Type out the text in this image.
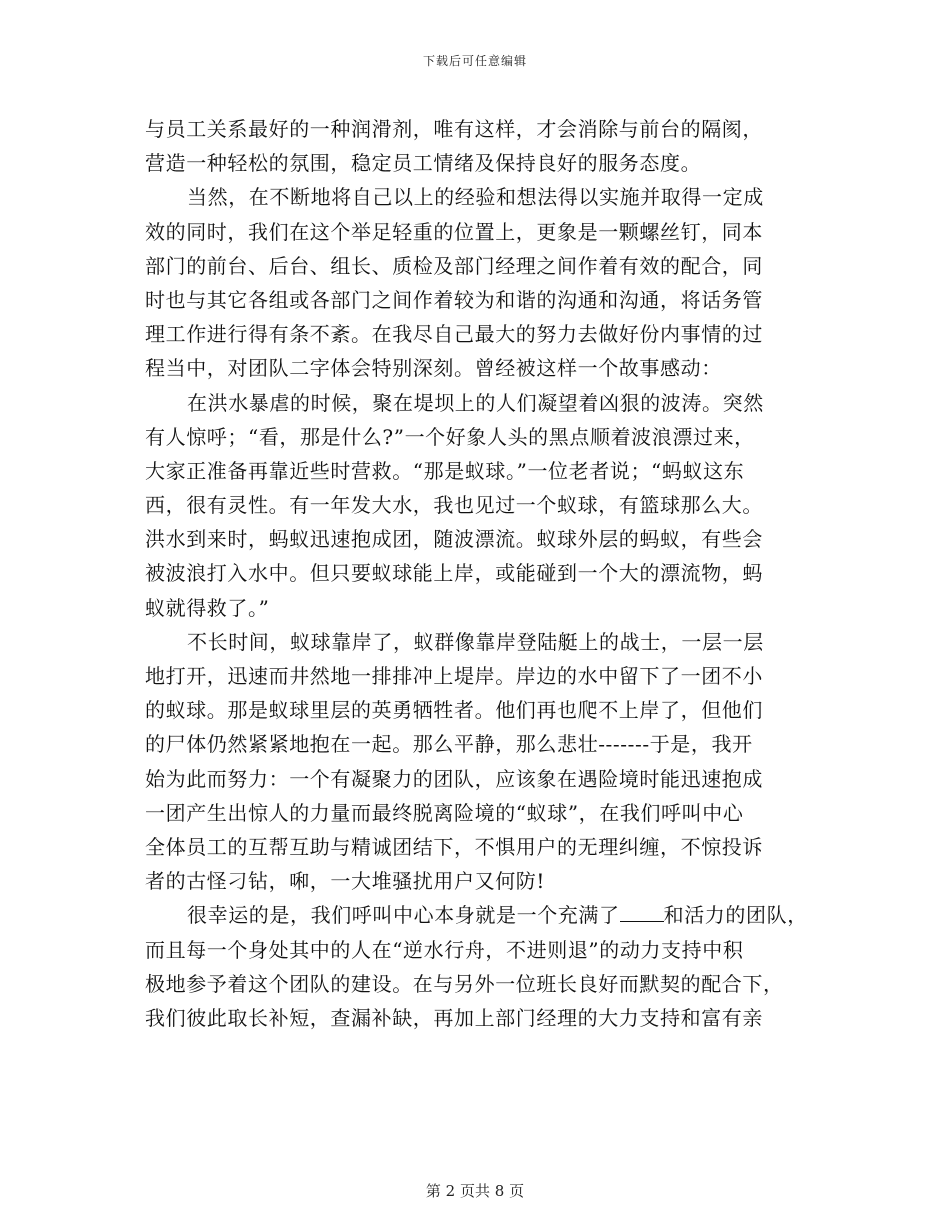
下载后可任意编辑
与员工关系最好的一种润滑剂，唯有这样，才会消除与前台的隔阂，
营造一种轻松的氛围，稳定员工情绪及保持良好的服务态度。
当然，在不断地将自己以上的经验和想法得以实施并取得一定成
效的同时，我们在这个举足轻重的位置上，更象是一颗螺丝钉，同本
部门的前台、后台、组长、质检及部门经理之间作着有效的配合，同
时也与其它各组或各部门之间作着较为和谐的沟通和沟通，将话务管
理工作进行得有条不紊。在我尽自己最大的努力去做好份内事情的过
程当中，对团队二字体会特别深刻。曾经被这样一个故事感动：
在洪水暴虐的时候，聚在堤坝上的人们凝望着凶狠的波涛。突然
有人惊呼；“看，那是什么?”一个好象人头的黑点顺着波浪漂过来，
大家正准备再靠近些时营救。“那是蚁球。”一位老者说；“蚂蚁这东
西，很有灵性。有一年发大水，我也见过一个蚁球，有篮球那么大。
洪水到来时，蚂蚁迅速抱成团，随波漂流。蚁球外层的蚂蚁，有些会
被波浪打入水中。但只要蚁球能上岸，或能碰到一个大的漂流物，蚂
蚁就得救了。”
不长时间，蚁球靠岸了，蚁群像靠岸登陆艇上的战士，一层一层
地打开，迅速而井然地一排排冲上堤岸。岸边的水中留下了一团不小
的蚁球。那是蚁球里层的英勇牺牲者。他们再也爬不上岸了，但他们
的尸体仍然紧紧地抱在一起。那么平静，那么悲壮-------于是，我开
始为此而努力：一个有凝聚力的团队，应该象在遇险境时能迅速抱成
一团产生出惊人的力量而最终脱离险境的“蚁球”，在我们呼叫中心
全体员工的互帮互助与精诚团结下，不惧用户的无理纠缠，不惊投诉
者的古怪刁钻，啝，一大堆骚扰用户又何防!
很幸运的是，我们呼叫中心本身就是一个充满了 和活力的团队，
而且每一个身处其中的人在“逆水行舟，不进则退”的动力支持中积
极地参予着这个团队的建设。在与另外一位班长良好而默契的配合下，
我们彼此取长补短，查漏补缺，再加上部门经理的大力支持和富有亲
第 2 页共 8 页
